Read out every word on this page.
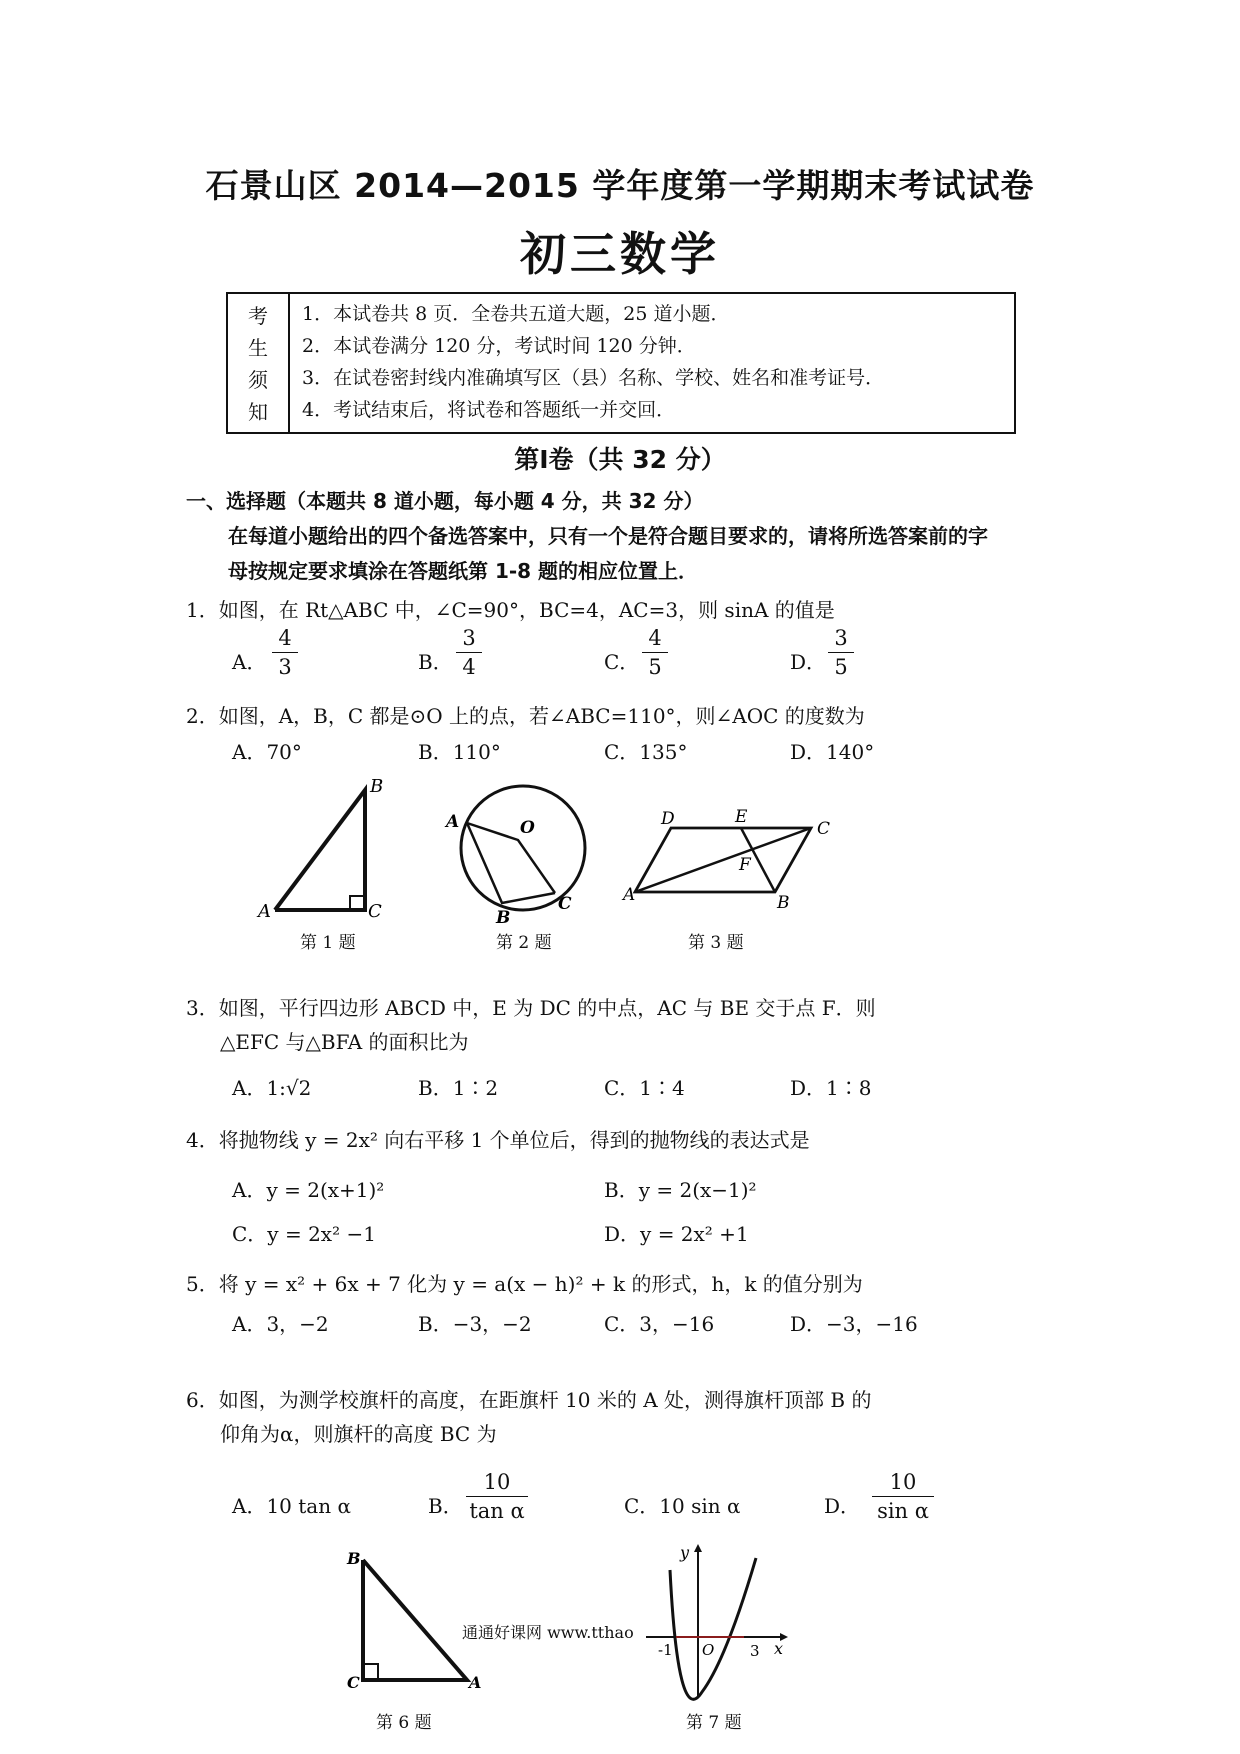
石景山区 2014—2015 学年度第一学期期末考试试卷
初三数学
考
生
须
知
1．本试卷共 8 页．全卷共五道大题，25 道小题．
2．本试卷满分 120 分，考试时间 120 分钟．
3．在试卷密封线内准确填写区（县）名称、学校、姓名和准考证号．
4．考试结束后，将试卷和答题纸一并交回．
第Ⅰ卷（共 32 分）
一、选择题（本题共 8 道小题，每小题 4 分，共 32 分）
在每道小题给出的四个备选答案中，只有一个是符合题目要求的，请将所选答案前的字
母按规定要求填涂在答题纸第 1-8 题的相应位置上．
1．如图，在 Rt△ABC 中，∠C=90°，BC=4，AC=3，则 sinA 的值是
A．
4
3	B．
3
4	C．
4
5	D．
3
5
2．如图，A，B，C 都是⊙O 上的点，若∠ABC=110°，则∠AOC 的度数为
A．70°	B．110°	C．135°	D．140°
B
A	C
第 1 题
A	O
B
C
第 2 题
D	E
C
F
A	B
第 3 题
3．如图，平行四边形 ABCD 中，E 为 DC 的中点，AC 与 BE 交于点 F．则
△EFC 与△BFA 的面积比为
A．1:√2	B．1∶2	C．1∶4	D．1∶8
4．将抛物线 y = 2x² 向右平移 1 个单位后，得到的抛物线的表达式是
A．y = 2(x+1)²	B．y = 2(x−1)²
C．y = 2x² −1	D．y = 2x² +1
5．将 y = x² + 6x + 7 化为 y = a(x − h)² + k 的形式，h，k 的值分别为
A．3，−2	B．−3，−2	C．3，−16	D．−3，−16
6．如图，为测学校旗杆的高度，在距旗杆 10 米的 A 处，测得旗杆顶部 B 的
仰角为α，则旗杆的高度 BC 为
A．10 tan α	B．
10
tan α	C．10 sin α	D．
10
sin α
B
C	A
第 6 题
通通好课网 www.tthao
y
x
-1 O 3
第 7 题
